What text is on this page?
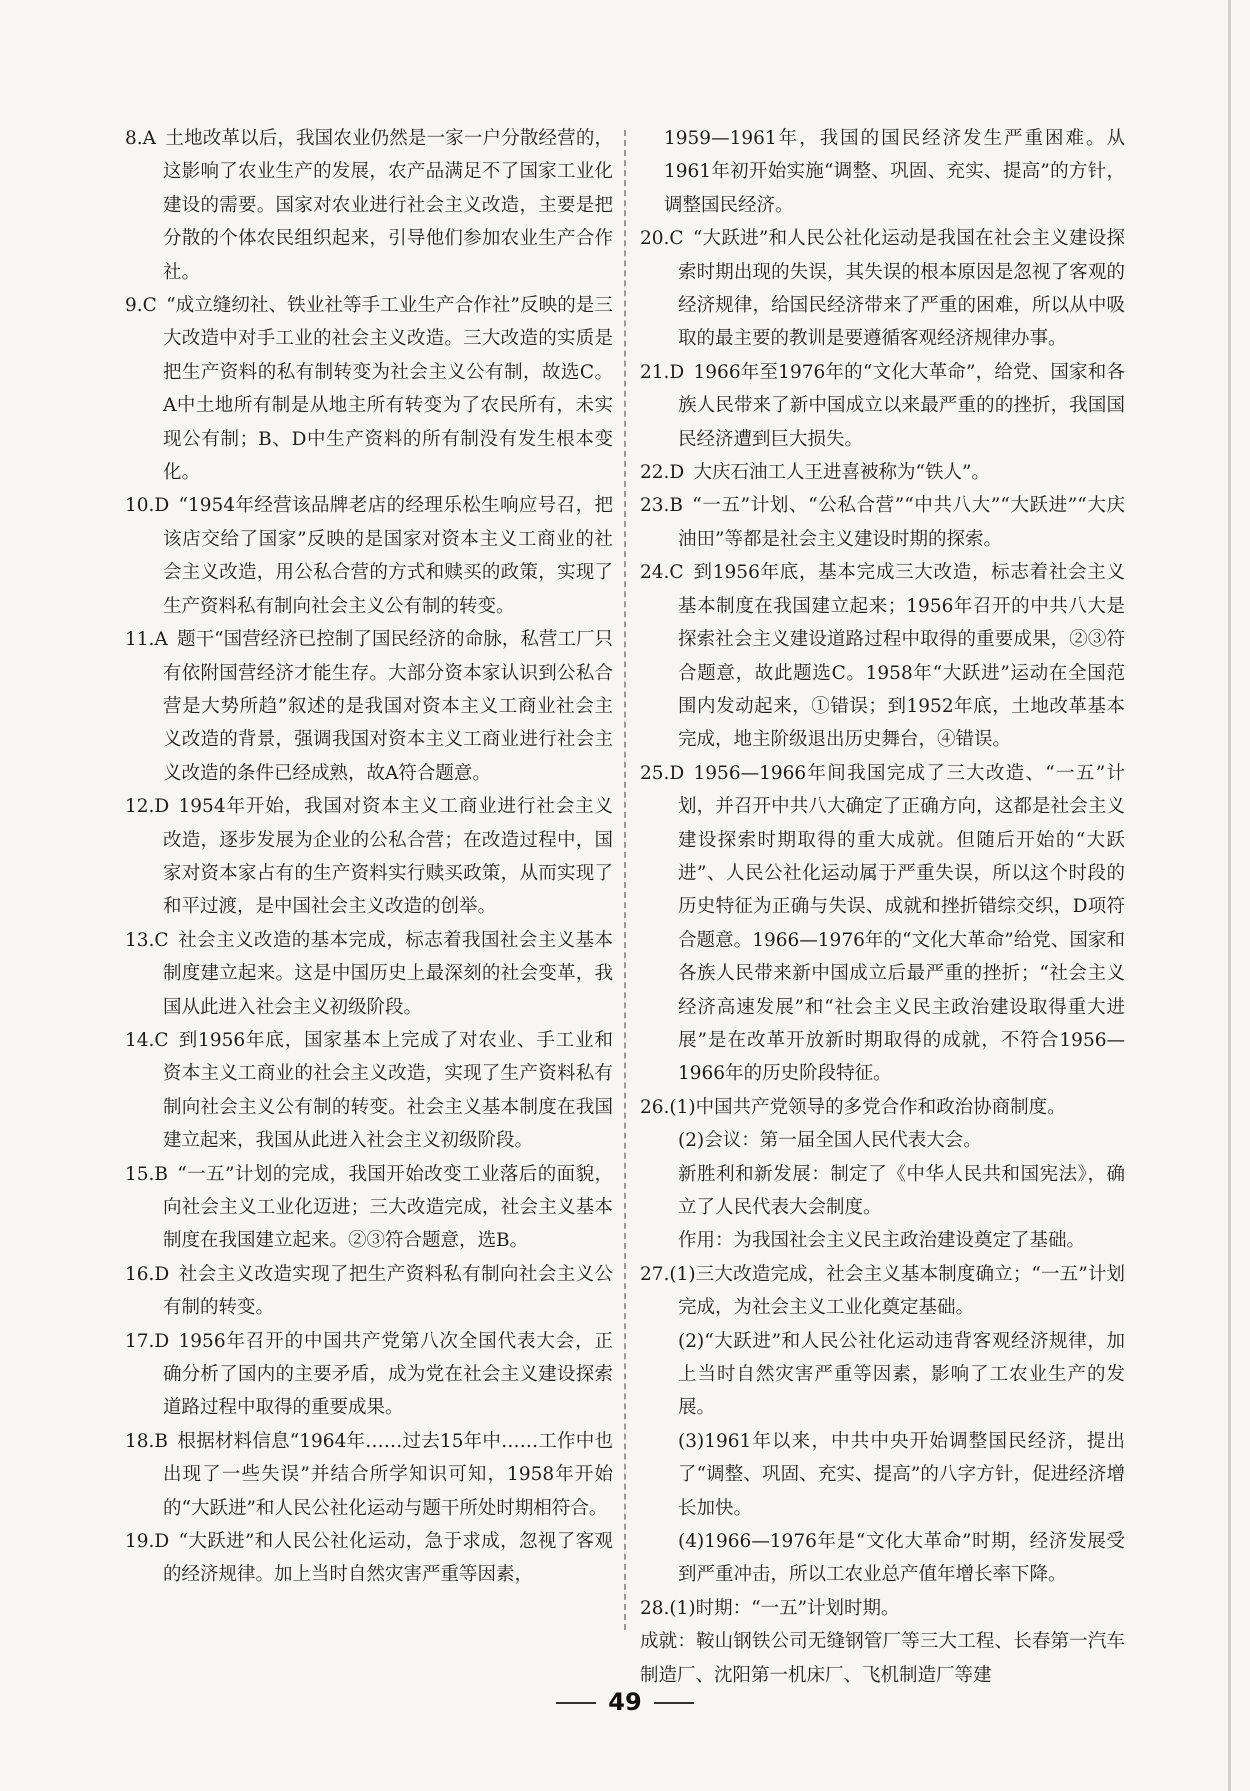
8.A  土地改革以后，我国农业仍然是一家一户分散经营的，这影响了农业生产的发展，农产品满足不了国家工业化建设的需要。国家对农业进行社会主义改造，主要是把分散的个体农民组织起来，引导他们参加农业生产合作社。

9.C  “成立缝纫社、铁业社等手工业生产合作社”反映的是三大改造中对手工业的社会主义改造。三大改造的实质是把生产资料的私有制转变为社会主义公有制，故选C。A中土地所有制是从地主所有转变为了农民所有，未实现公有制；B、D中生产资料的所有制没有发生根本变化。

10.D  “1954年经营该品牌老店的经理乐松生响应号召，把该店交给了国家”反映的是国家对资本主义工商业的社会主义改造，用公私合营的方式和赎买的政策，实现了生产资料私有制向社会主义公有制的转变。

11.A  题干“国营经济已控制了国民经济的命脉，私营工厂只有依附国营经济才能生存。大部分资本家认识到公私合营是大势所趋”叙述的是我国对资本主义工商业社会主义改造的背景，强调我国对资本主义工商业进行社会主义改造的条件已经成熟，故A符合题意。

12.D  1954年开始，我国对资本主义工商业进行社会主义改造，逐步发展为企业的公私合营；在改造过程中，国家对资本家占有的生产资料实行赎买政策，从而实现了和平过渡，是中国社会主义改造的创举。

13.C  社会主义改造的基本完成，标志着我国社会主义基本制度建立起来。这是中国历史上最深刻的社会变革，我国从此进入社会主义初级阶段。

14.C  到1956年底，国家基本上完成了对农业、手工业和资本主义工商业的社会主义改造，实现了生产资料私有制向社会主义公有制的转变。社会主义基本制度在我国建立起来，我国从此进入社会主义初级阶段。

15.B  “一五”计划的完成，我国开始改变工业落后的面貌，向社会主义工业化迈进；三大改造完成，社会主义基本制度在我国建立起来。②③符合题意，选B。

16.D  社会主义改造实现了把生产资料私有制向社会主义公有制的转变。

17.D  1956年召开的中国共产党第八次全国代表大会，正确分析了国内的主要矛盾，成为党在社会主义建设探索道路过程中取得的重要成果。

18.B  根据材料信息“1964年……过去15年中……工作中也出现了一些失误”并结合所学知识可知，1958年开始的“大跃进”和人民公社化运动与题干所处时期相符合。

19.D  “大跃进”和人民公社化运动，急于求成，忽视了客观的经济规律。加上当时自然灾害严重等因素，

1959—1961年，我国的国民经济发生严重困难。从1961年初开始实施“调整、巩固、充实、提高”的方针，调整国民经济。

20.C  “大跃进”和人民公社化运动是我国在社会主义建设探索时期出现的失误，其失误的根本原因是忽视了客观的经济规律，给国民经济带来了严重的困难，所以从中吸取的最主要的教训是要遵循客观经济规律办事。

21.D  1966年至1976年的“文化大革命”，给党、国家和各族人民带来了新中国成立以来最严重的的挫折，我国国民经济遭到巨大损失。

22.D  大庆石油工人王进喜被称为“铁人”。

23.B  “一五”计划、“公私合营”“中共八大”“大跃进”“大庆油田”等都是社会主义建设时期的探索。

24.C  到1956年底，基本完成三大改造，标志着社会主义基本制度在我国建立起来；1956年召开的中共八大是探索社会主义建设道路过程中取得的重要成果，②③符合题意，故此题选C。1958年“大跃进”运动在全国范围内发动起来，①错误；到1952年底，土地改革基本完成，地主阶级退出历史舞台，④错误。

25.D  1956—1966年间我国完成了三大改造、“一五”计划，并召开中共八大确定了正确方向，这都是社会主义建设探索时期取得的重大成就。但随后开始的“大跃进”、人民公社化运动属于严重失误，所以这个时段的历史特征为正确与失误、成就和挫折错综交织，D项符合题意。1966—1976年的“文化大革命”给党、国家和各族人民带来新中国成立后最严重的挫折；“社会主义经济高速发展”和“社会主义民主政治建设取得重大进展”是在改革开放新时期取得的成就，不符合1956—1966年的历史阶段特征。

26.(1)中国共产党领导的多党合作和政治协商制度。

(2)会议：第一届全国人民代表大会。

新胜利和新发展：制定了《中华人民共和国宪法》，确立了人民代表大会制度。

作用：为我国社会主义民主政治建设奠定了基础。

27.(1)三大改造完成，社会主义基本制度确立；“一五”计划完成，为社会主义工业化奠定基础。

(2)“大跃进”和人民公社化运动违背客观经济规律，加上当时自然灾害严重等因素，影响了工农业生产的发展。

(3)1961年以来，中共中央开始调整国民经济，提出了“调整、巩固、充实、提高”的八字方针，促进经济增长加快。

(4)1966—1976年是“文化大革命”时期，经济发展受到严重冲击，所以工农业总产值年增长率下降。

28.(1)时期：“一五”计划时期。

成就：鞍山钢铁公司无缝钢管厂等三大工程、长春第一汽车制造厂、沈阳第一机床厂、飞机制造厂等建

49
